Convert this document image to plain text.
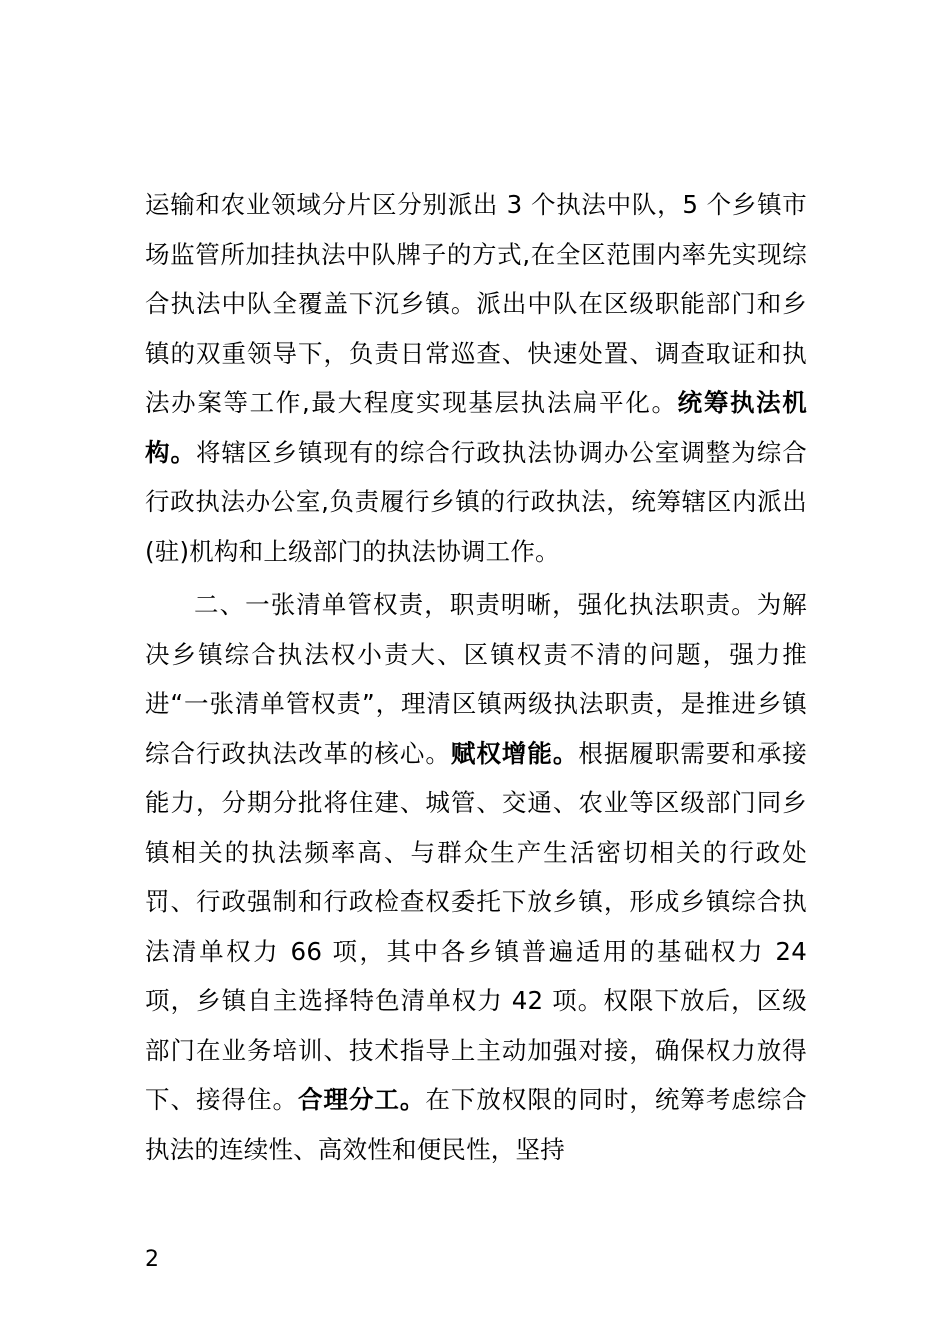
运输和农业领域分片区分别派出 3 个执法中队，5 个乡镇市场监管所加挂执法中队牌子的方式,在全区范围内率先实现综合执法中队全覆盖下沉乡镇。派出中队在区级职能部门和乡镇的双重领导下，负责日常巡查、快速处置、调查取证和执法办案等工作,最大程度实现基层执法扁平化。统筹执法机构。将辖区乡镇现有的综合行政执法协调办公室调整为综合行政执法办公室,负责履行乡镇的行政执法，统筹辖区内派出(驻)机构和上级部门的执法协调工作。
二、一张清单管权责，职责明晰，强化执法职责。为解决乡镇综合执法权小责大、区镇权责不清的问题，强力推进“一张清单管权责”，理清区镇两级执法职责，是推进乡镇综合行政执法改革的核心。赋权增能。根据履职需要和承接能力，分期分批将住建、城管、交通、农业等区级部门同乡镇相关的执法频率高、与群众生产生活密切相关的行政处罚、行政强制和行政检查权委托下放乡镇，形成乡镇综合执法清单权力 66 项，其中各乡镇普遍适用的基础权力 24 项，乡镇自主选择特色清单权力 42 项。权限下放后，区级部门在业务培训、技术指导上主动加强对接，确保权力放得下、接得住。合理分工。在下放权限的同时，统筹考虑综合执法的连续性、高效性和便民性，坚持
2
